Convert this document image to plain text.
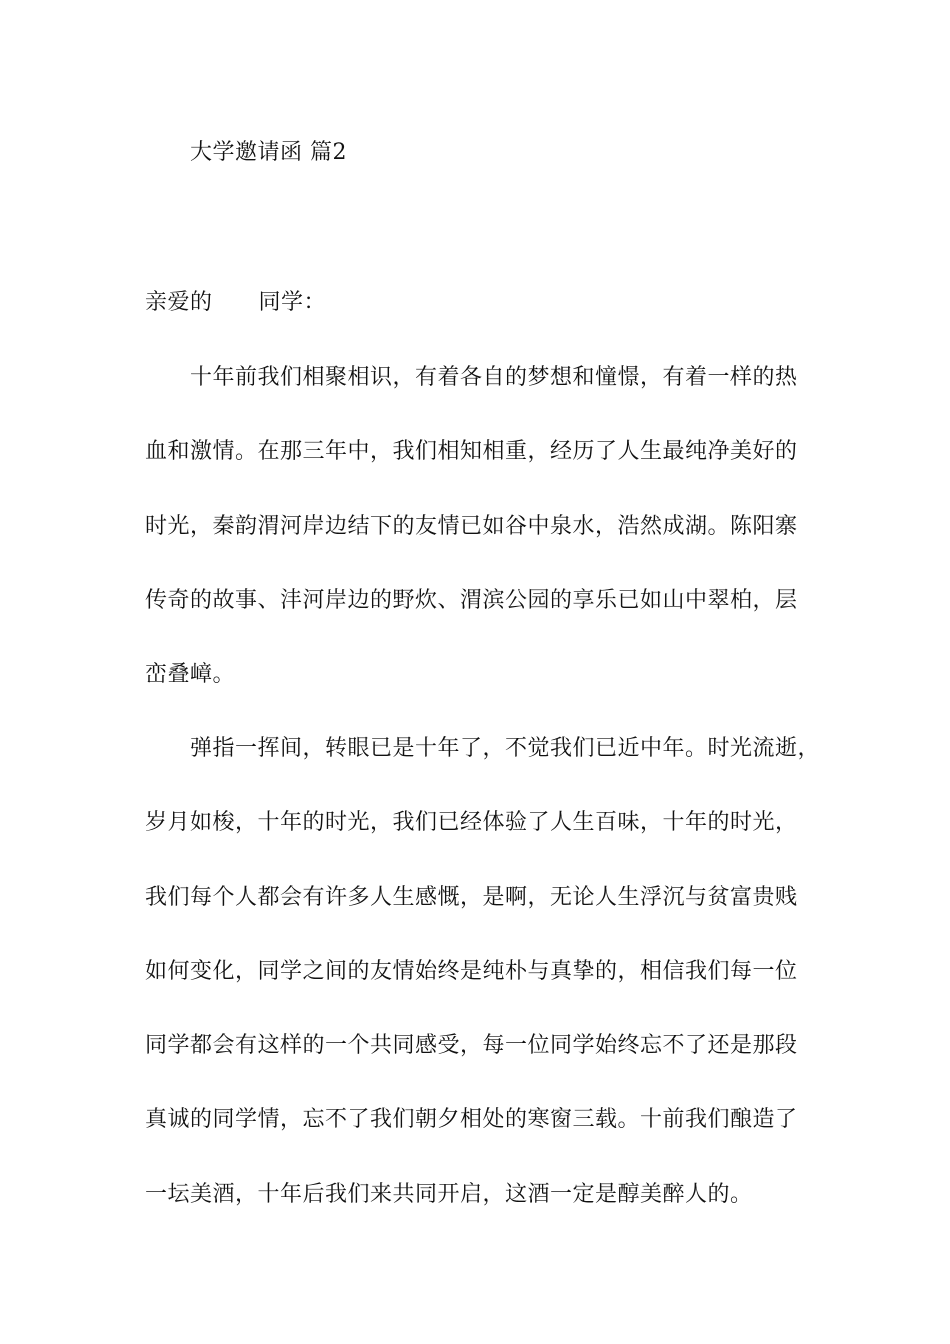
大学邀请函 篇2
亲爱的 同学：
十年前我们相聚相识，有着各自的梦想和憧憬，有着一样的热
血和激情。在那三年中，我们相知相重，经历了人生最纯净美好的
时光，秦韵渭河岸边结下的友情已如谷中泉水，浩然成湖。陈阳寨
传奇的故事、沣河岸边的野炊、渭滨公园的享乐已如山中翠柏，层
峦叠嶂。
弹指一挥间，转眼已是十年了，不觉我们已近中年。时光流逝，
岁月如梭，十年的时光，我们已经体验了人生百味，十年的时光，
我们每个人都会有许多人生感慨，是啊，无论人生浮沉与贫富贵贱
如何变化，同学之间的友情始终是纯朴与真挚的，相信我们每一位
同学都会有这样的一个共同感受，每一位同学始终忘不了还是那段
真诚的同学情，忘不了我们朝夕相处的寒窗三载。十前我们酿造了
一坛美酒，十年后我们来共同开启，这酒一定是醇美醉人的。
